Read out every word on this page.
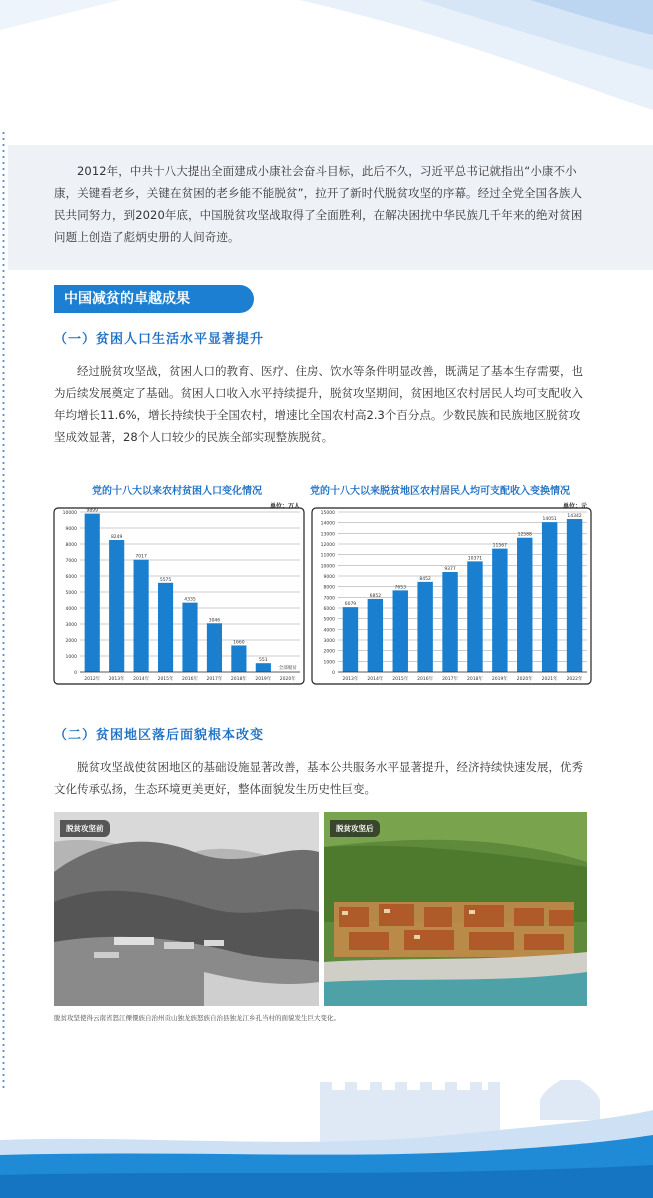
2012年，中共十八大提出全面建成小康社会奋斗目标，此后不久，习近平总书记就指出“小康不小康，关键看老乡，关键在贫困的老乡能不能脱贫”，拉开了新时代脱贫攻坚的序幕。经过全党全国各族人民共同努力，到2020年底，中国脱贫攻坚战取得了全面胜利，在解决困扰中华民族几千年来的绝对贫困问题上创造了彪炳史册的人间奇迹。

中国减贫的卓越成果
（一）贫困人口生活水平显著提升

经过脱贫攻坚战，贫困人口的教育、医疗、住房、饮水等条件明显改善，既满足了基本生存需要，也为后续发展奠定了基础。贫困人口收入水平持续提升，脱贫攻坚期间，贫困地区农村居民人均可支配收入年均增长11.6%，增长持续快于全国农村，增速比全国农村高2.3个百分点。少数民族和民族地区脱贫攻坚成效显著，28个人口较少的民族全部实现整族脱贫。

党的十八大以来农村贫困人口变化情况
单位：万人
0
1000
2000
3000
4000
5000
6000
7000
8000
9000
10000 9899
2012年
8249
2013年
7017
2014年
5575
2015年
4335
2016年
3046
2017年
1660
2018年
551
2019年
全部脱贫
2020年
党的十八大以来脱贫地区农村居民人均可支配收入变换情况
单位：元
0
1000
2000
3000
4000
5000
6000
7000
8000
9000
10000
11000
12000
13000
14000
15000
6079
2013年
6852
2014年
7653
2015年
8452
2016年
9377
2017年
10371
2018年
11567
2019年
12588
2020年
14051
2021年
14342
2022年
（二）贫困地区落后面貌根本改变

脱贫攻坚战使贫困地区的基础设施显著改善，基本公共服务水平显著提升，经济持续快速发展，优秀文化传承弘扬，生态环境更美更好，整体面貌发生历史性巨变。

脱贫攻坚前	脱贫攻坚后
脱贫攻坚使得云南省怒江傈僳族自治州贡山独龙族怒族自治县独龙江乡孔当村的面貌发生巨大变化。
